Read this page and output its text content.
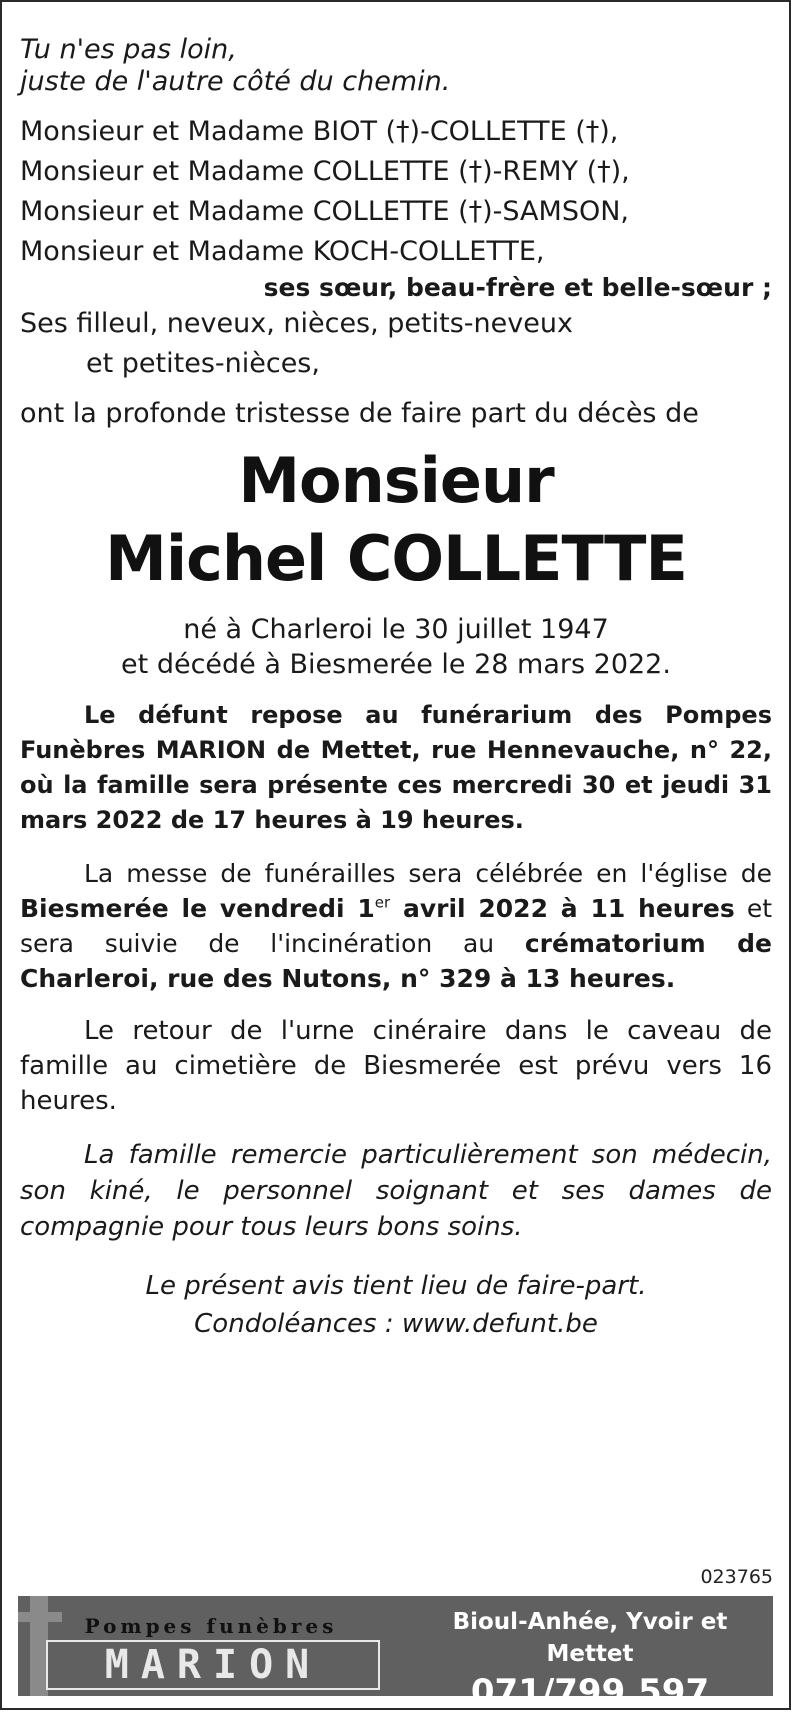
Tu n'es pas loin,

juste de l'autre côté du chemin.

Monsieur et Madame BIOT (†)-COLLETTE (†),

Monsieur et Madame COLLETTE (†)-REMY (†),

Monsieur et Madame COLLETTE (†)-SAMSON,

Monsieur et Madame KOCH-COLLETTE,

ses sœur, beau-frère et belle-sœur ;

Ses filleul, neveux, nièces, petits-neveux

et petites-nièces,

ont la profonde tristesse de faire part du décès de

Monsieur

Michel COLLETTE

né à Charleroi le 30 juillet 1947

et décédé à Biesmerée le 28 mars 2022.

Le défunt repose au funérarium des Pompes Funèbres MARION de Mettet, rue Hennevauche, n° 22, où la famille sera présente ces mercredi 30 et jeudi 31 mars 2022 de 17 heures à 19 heures.

La messe de funérailles sera célébrée en l'église de Biesmerée le vendredi 1er avril 2022 à 11 heures et sera suivie de l'incinération au crématorium de Charleroi, rue des Nutons, n° 329 à 13 heures.

Le retour de l'urne cinéraire dans le caveau de famille au cimetière de Biesmerée est prévu vers 16 heures.

La famille remercie particulièrement son médecin, son kiné, le personnel soignant et ses dames de compagnie pour tous leurs bons soins.

Le présent avis tient lieu de faire-part.

Condoléances : www.defunt.be

023765
Pompes funèbres
MARION
Bioul-Anhée, Yvoir et Mettet
071/799.597
